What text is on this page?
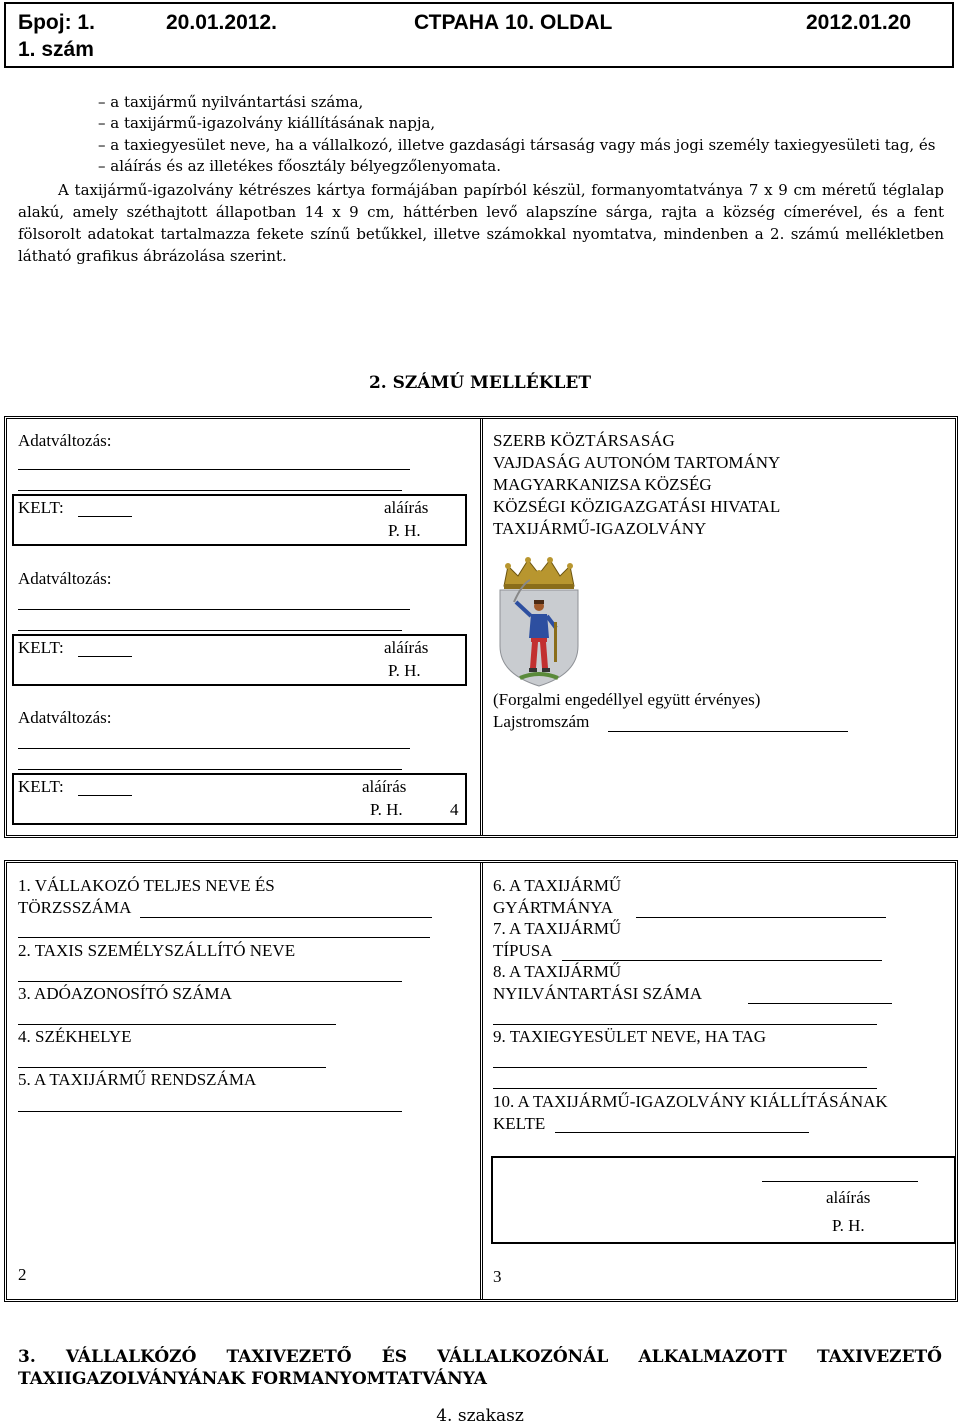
Број: 1.	20.01.2012.	СТРАНА 10. OLDAL	2012.01.20
1. szám
– a taxijármű nyilvántartási száma,
– a taxijármű-igazolvány kiállításának napja,
– a taxiegyesület neve, ha a vállalkozó, illetve gazdasági társaság vagy más jogi személy taxiegyesületi tag, és
– aláírás és az illetékes főosztály bélyegzőlenyomata.
A taxijármű-igazolvány kétrészes kártya formájában papírból készül, formanyomtatványa 7 x 9 cm méretű téglalap alakú, amely széthajtott állapotban 14 x 9 cm, háttérben levő alapszíne sárga, rajta a község címerével, és a fent fölsorolt adatokat tartalmazza fekete színű betűkkel, illetve számokkal nyomtatva, mindenben a 2. számú mellékletben látható grafikus ábrázolása szerint.
2. SZÁMÚ MELLÉKLET
Adatváltozás:
KELT:	aláírás
P. H.
Adatváltozás:
KELT:	aláírás
P. H.
Adatváltozás:
KELT:	aláírás
P. H.	4
SZERB KÖZTÁRSASÁG
VAJDASÁG AUTONÓM TARTOMÁNY
MAGYARKANIZSA KÖZSÉG
KÖZSÉGI KÖZIGAZGATÁSI HIVATAL
TAXIJÁRMŰ-IGAZOLVÁNY
(Forgalmi engedéllyel együtt érvényes)
Lajstromszám
1. VÁLLAKOZÓ TELJES NEVE ÉS
TÖRZSSZÁMA
2. TAXIS SZEMÉLYSZÁLLÍTÓ NEVE
3. ADÓAZONOSÍTÓ SZÁMA
4. SZÉKHELYE
5. A TAXIJÁRMŰ RENDSZÁMA
2
6. A TAXIJÁRMŰ
GYÁRTMÁNYA
7. A TAXIJÁRMŰ
TÍPUSA
8. A TAXIJÁRMŰ
NYILVÁNTARTÁSI SZÁMA
9. TAXIEGYESÜLET NEVE, HA TAG
10. A TAXIJÁRMŰ-IGAZOLVÁNY KIÁLLÍTÁSÁNAK
KELTE
aláírás
P. H.
3
3. VÁLLALKÓZÓ TAXIVEZETŐ ÉS VÁLLALKOZÓNÁL ALKALMAZOTT TAXIVEZETŐ TAXIIGAZOLVÁNYÁNAK FORMANYOMTATVÁNYA
4. szakasz
